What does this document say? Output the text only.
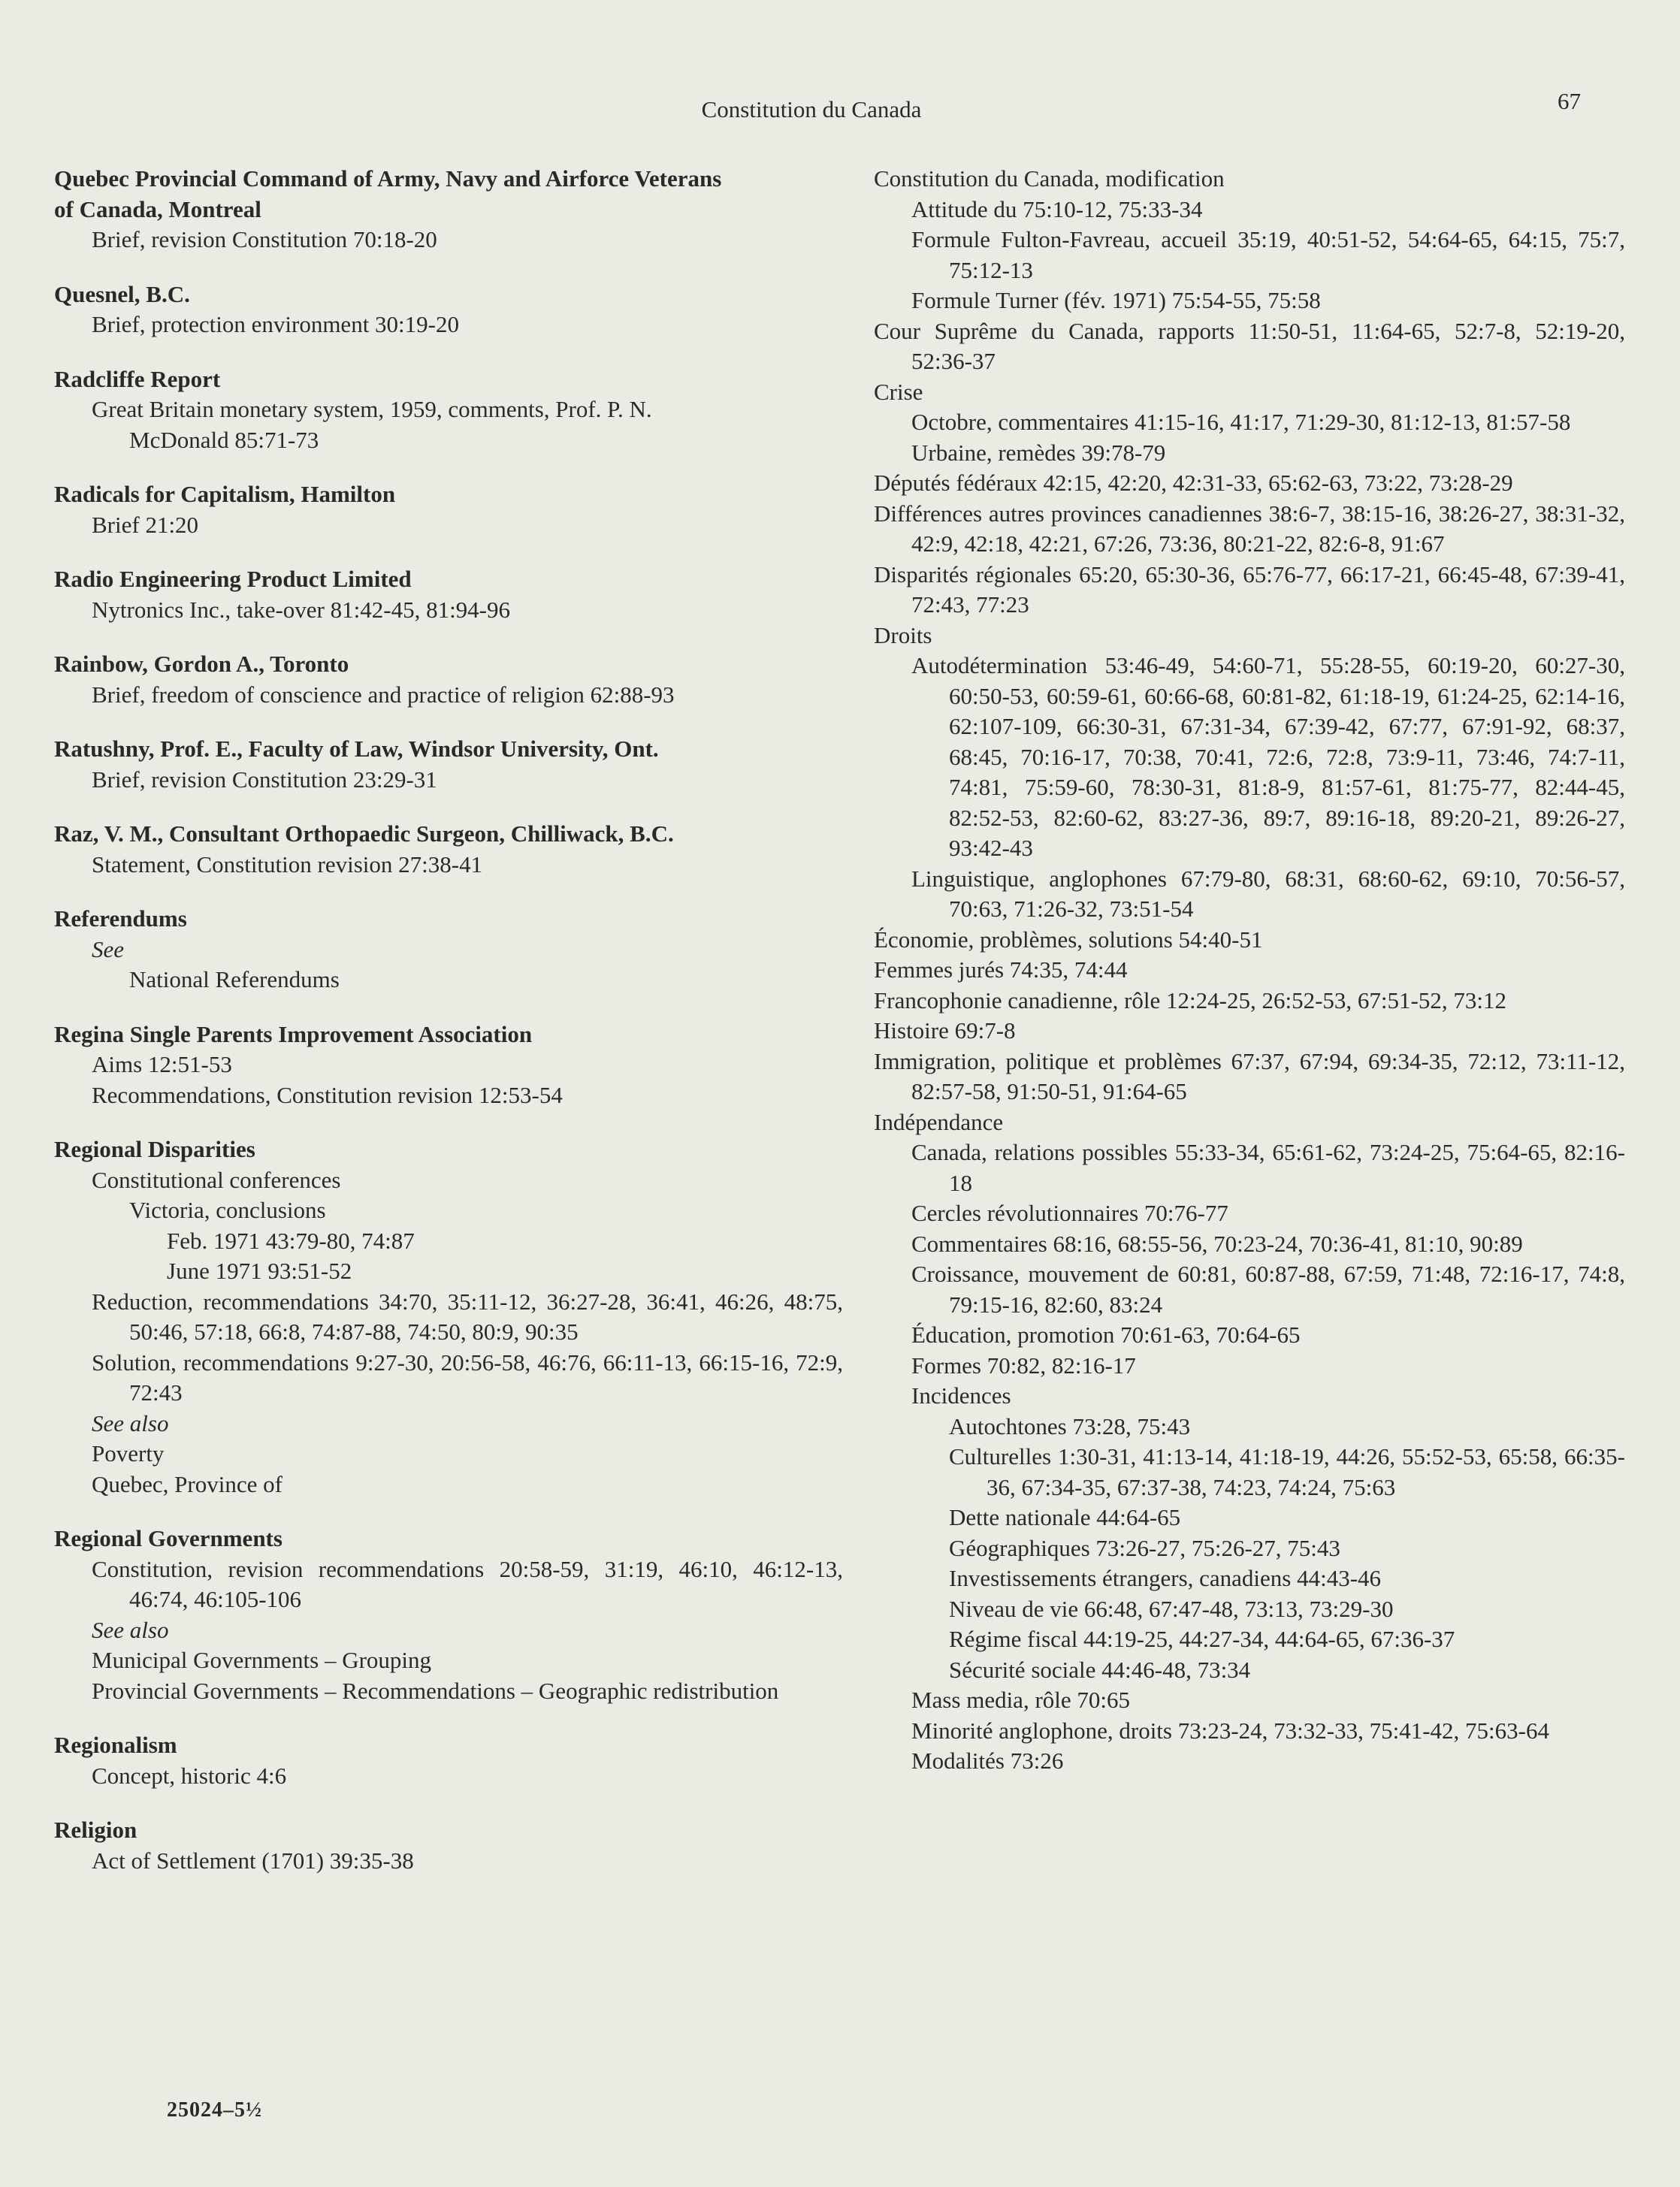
Constitution du Canada	67
Quebec Provincial Command of Army, Navy and Airforce Veterans
of Canada, Montreal
Brief, revision Constitution 70:18-20
Quesnel, B.C.
Brief, protection environment 30:19-20
Radcliffe Report
Great Britain monetary system, 1959, comments, Prof. P. N.
McDonald 85:71-73
Radicals for Capitalism, Hamilton
Brief 21:20
Radio Engineering Product Limited
Nytronics Inc., take-over 81:42-45, 81:94-96
Rainbow, Gordon A., Toronto
Brief, freedom of conscience and practice of religion 62:88-93
Ratushny, Prof. E., Faculty of Law, Windsor University, Ont.
Brief, revision Constitution 23:29-31
Raz, V. M., Consultant Orthopaedic Surgeon, Chilliwack, B.C.
Statement, Constitution revision 27:38-41
Referendums
See
National Referendums
Regina Single Parents Improvement Association
Aims 12:51-53
Recommendations, Constitution revision 12:53-54
Regional Disparities
Constitutional conferences
Victoria, conclusions
Feb. 1971 43:79-80, 74:87
June 1971 93:51-52
Reduction, recommendations 34:70, 35:11-12, 36:27-28, 36:41, 46:26, 48:75, 50:46, 57:18, 66:8, 74:87-88, 74:50, 80:9, 90:35
Solution, recommendations 9:27-30, 20:56-58, 46:76, 66:11-13, 66:15-16, 72:9, 72:43
See also
Poverty
Quebec, Province of
Regional Governments
Constitution, revision recommendations 20:58-59, 31:19, 46:10, 46:12-13, 46:74, 46:105-106
See also
Municipal Governments – Grouping
Provincial Governments – Recommendations – Geographic redistribution
Regionalism
Concept, historic 4:6
Religion
Act of Settlement (1701) 39:35-38
Constitution du Canada, modification
Attitude du 75:10-12, 75:33-34
Formule Fulton-Favreau, accueil 35:19, 40:51-52, 54:64-65, 64:15, 75:7, 75:12-13
Formule Turner (fév. 1971) 75:54-55, 75:58
Cour Suprême du Canada, rapports 11:50-51, 11:64-65, 52:7-8, 52:19-20, 52:36-37
Crise
Octobre, commentaires 41:15-16, 41:17, 71:29-30, 81:12-13, 81:57-58
Urbaine, remèdes 39:78-79
Députés fédéraux 42:15, 42:20, 42:31-33, 65:62-63, 73:22, 73:28-29
Différences autres provinces canadiennes 38:6-7, 38:15-16, 38:26-27, 38:31-32, 42:9, 42:18, 42:21, 67:26, 73:36, 80:21-22, 82:6-8, 91:67
Disparités régionales 65:20, 65:30-36, 65:76-77, 66:17-21, 66:45-48, 67:39-41, 72:43, 77:23
Droits
Autodétermination 53:46-49, 54:60-71, 55:28-55, 60:19-20, 60:27-30, 60:50-53, 60:59-61, 60:66-68, 60:81-82, 61:18-19, 61:24-25, 62:14-16, 62:107-109, 66:30-31, 67:31-34, 67:39-42, 67:77, 67:91-92, 68:37, 68:45, 70:16-17, 70:38, 70:41, 72:6, 72:8, 73:9-11, 73:46, 74:7-11, 74:81, 75:59-60, 78:30-31, 81:8-9, 81:57-61, 81:75-77, 82:44-45, 82:52-53, 82:60-62, 83:27-36, 89:7, 89:16-18, 89:20-21, 89:26-27, 93:42-43
Linguistique, anglophones 67:79-80, 68:31, 68:60-62, 69:10, 70:56-57, 70:63, 71:26-32, 73:51-54
Économie, problèmes, solutions 54:40-51
Femmes jurés 74:35, 74:44
Francophonie canadienne, rôle 12:24-25, 26:52-53, 67:51-52, 73:12
Histoire 69:7-8
Immigration, politique et problèmes 67:37, 67:94, 69:34-35, 72:12, 73:11-12, 82:57-58, 91:50-51, 91:64-65
Indépendance
Canada, relations possibles 55:33-34, 65:61-62, 73:24-25, 75:64-65, 82:16-18
Cercles révolutionnaires 70:76-77
Commentaires 68:16, 68:55-56, 70:23-24, 70:36-41, 81:10, 90:89
Croissance, mouvement de 60:81, 60:87-88, 67:59, 71:48, 72:16-17, 74:8, 79:15-16, 82:60, 83:24
Éducation, promotion 70:61-63, 70:64-65
Formes 70:82, 82:16-17
Incidences
Autochtones 73:28, 75:43
Culturelles 1:30-31, 41:13-14, 41:18-19, 44:26, 55:52-53, 65:58, 66:35-36, 67:34-35, 67:37-38, 74:23, 74:24, 75:63
Dette nationale 44:64-65
Géographiques 73:26-27, 75:26-27, 75:43
Investissements étrangers, canadiens 44:43-46
Niveau de vie 66:48, 67:47-48, 73:13, 73:29-30
Régime fiscal 44:19-25, 44:27-34, 44:64-65, 67:36-37
Sécurité sociale 44:46-48, 73:34
Mass media, rôle 70:65
Minorité anglophone, droits 73:23-24, 73:32-33, 75:41-42, 75:63-64
Modalités 73:26
25024–5½
